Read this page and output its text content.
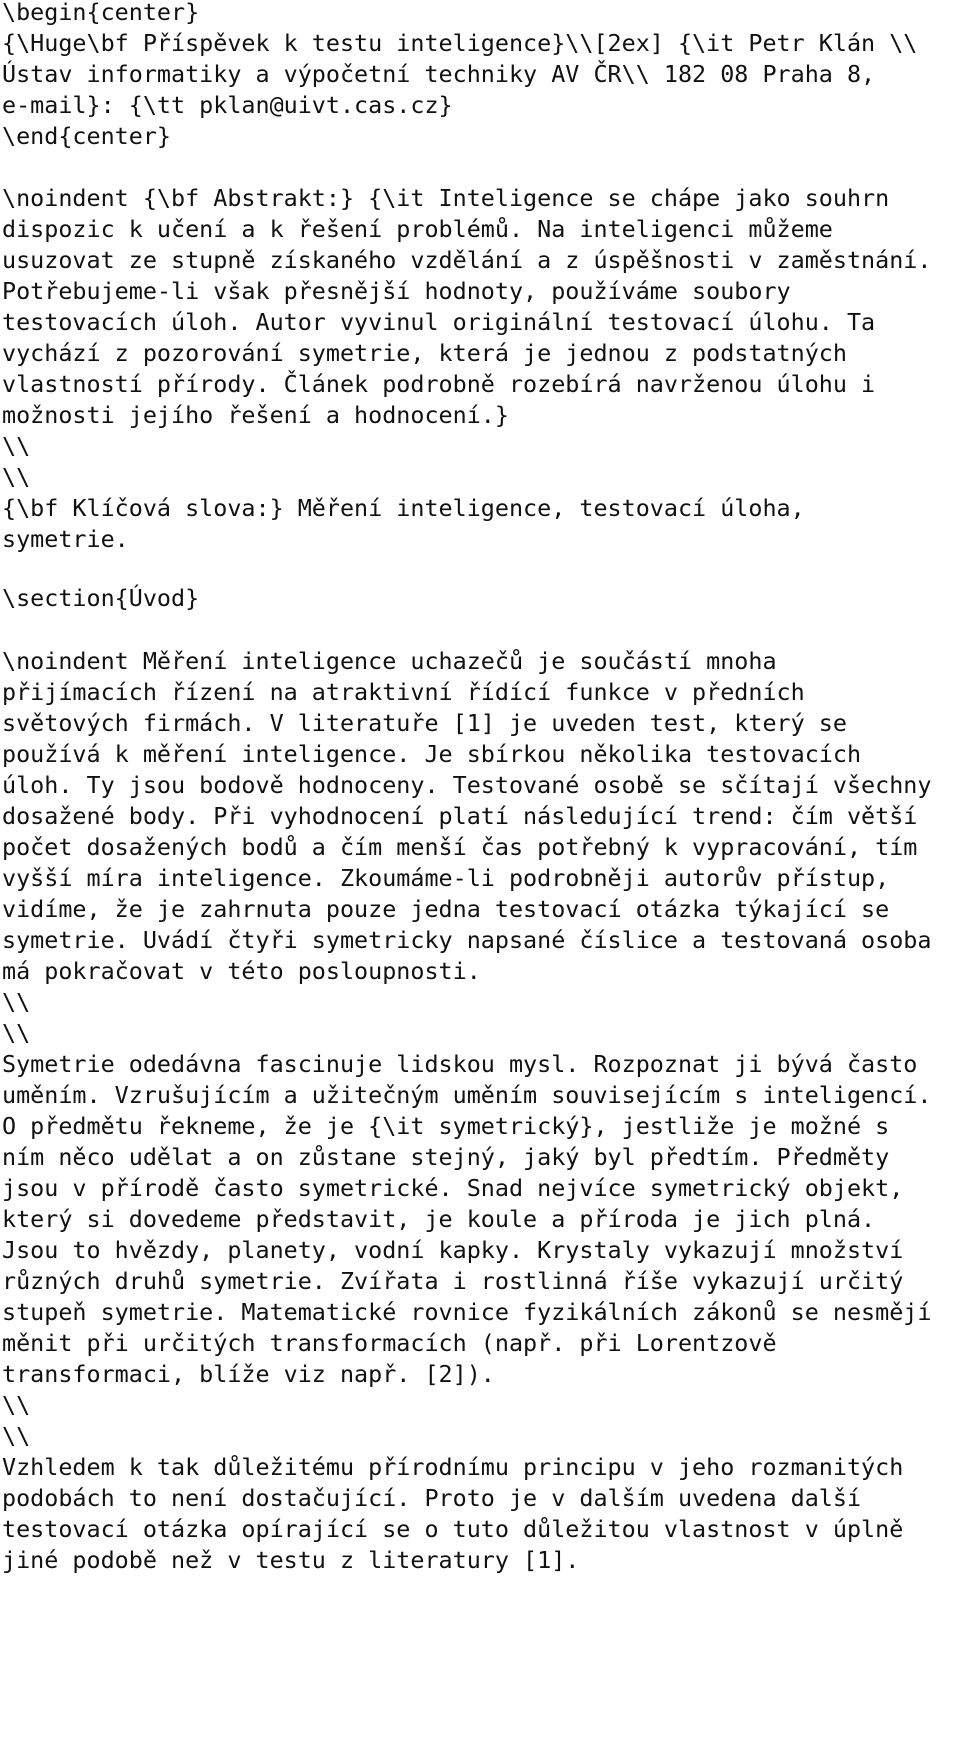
\begin{center}
{\Huge\bf Příspěvek k testu inteligence}\\[2ex] {\it Petr Klán \\
Ústav informatiky a výpočetní techniky AV ČR\\ 182 08 Praha 8,
e-mail}: {\tt pklan@uivt.cas.cz}
\end{center}
\noindent {\bf Abstrakt:} {\it Inteligence se chápe jako souhrn
dispozic k učení a k řešení problémů. Na inteligenci můžeme
usuzovat ze stupně získaného vzdělání a z úspěšnosti v zaměstnání.
Potřebujeme-li však přesnější hodnoty, používáme soubory
testovacích úloh. Autor vyvinul originální testovací úlohu. Ta
vychází z pozorování symetrie, která je jednou z podstatných
vlastností přírody. Článek podrobně rozebírá navrženou úlohu i
možnosti jejího řešení a hodnocení.}
\\
\\
{\bf Klíčová slova:} Měření inteligence, testovací úloha,
symetrie.
\section{Úvod}
\noindent Měření inteligence uchazečů je součástí mnoha
přijímacích řízení na atraktivní řídící funkce v předních
světových firmách. V literatuře [1] je uveden test, který se
používá k měření inteligence. Je sbírkou několika testovacích
úloh. Ty jsou bodově hodnoceny. Testované osobě se sčítají všechny
dosažené body. Při vyhodnocení platí následující trend: čím větší
počet dosažených bodů a čím menší čas potřebný k vypracování, tím
vyšší míra inteligence. Zkoumáme-li podrobněji autorův přístup,
vidíme, že je zahrnuta pouze jedna testovací otázka týkající se
symetrie. Uvádí čtyři symetricky napsané číslice a testovaná osoba
má pokračovat v této posloupnosti.
\\
\\
Symetrie odedávna fascinuje lidskou mysl. Rozpoznat ji bývá často
uměním. Vzrušujícím a užitečným uměním souvisejícím s inteligencí.
O předmětu řekneme, že je {\it symetrický}, jestliže je možné s
ním něco udělat a on zůstane stejný, jaký byl předtím. Předměty
jsou v přírodě často symetrické. Snad nejvíce symetrický objekt,
který si dovedeme představit, je koule a příroda je jich plná.
Jsou to hvězdy, planety, vodní kapky. Krystaly vykazují množství
různých druhů symetrie. Zvířata i rostlinná říše vykazují určitý
stupeň symetrie. Matematické rovnice fyzikálních zákonů se nesmějí
měnit při určitých transformacích (např. při Lorentzově
transformaci, blíže viz např. [2]).
\\
\\
Vzhledem k tak důležitému přírodnímu principu v jeho rozmanitých
podobách to není dostačující. Proto je v dalším uvedena další
testovací otázka opírající se o tuto důležitou vlastnost v úplně
jiné podobě než v testu z literatury [1].
